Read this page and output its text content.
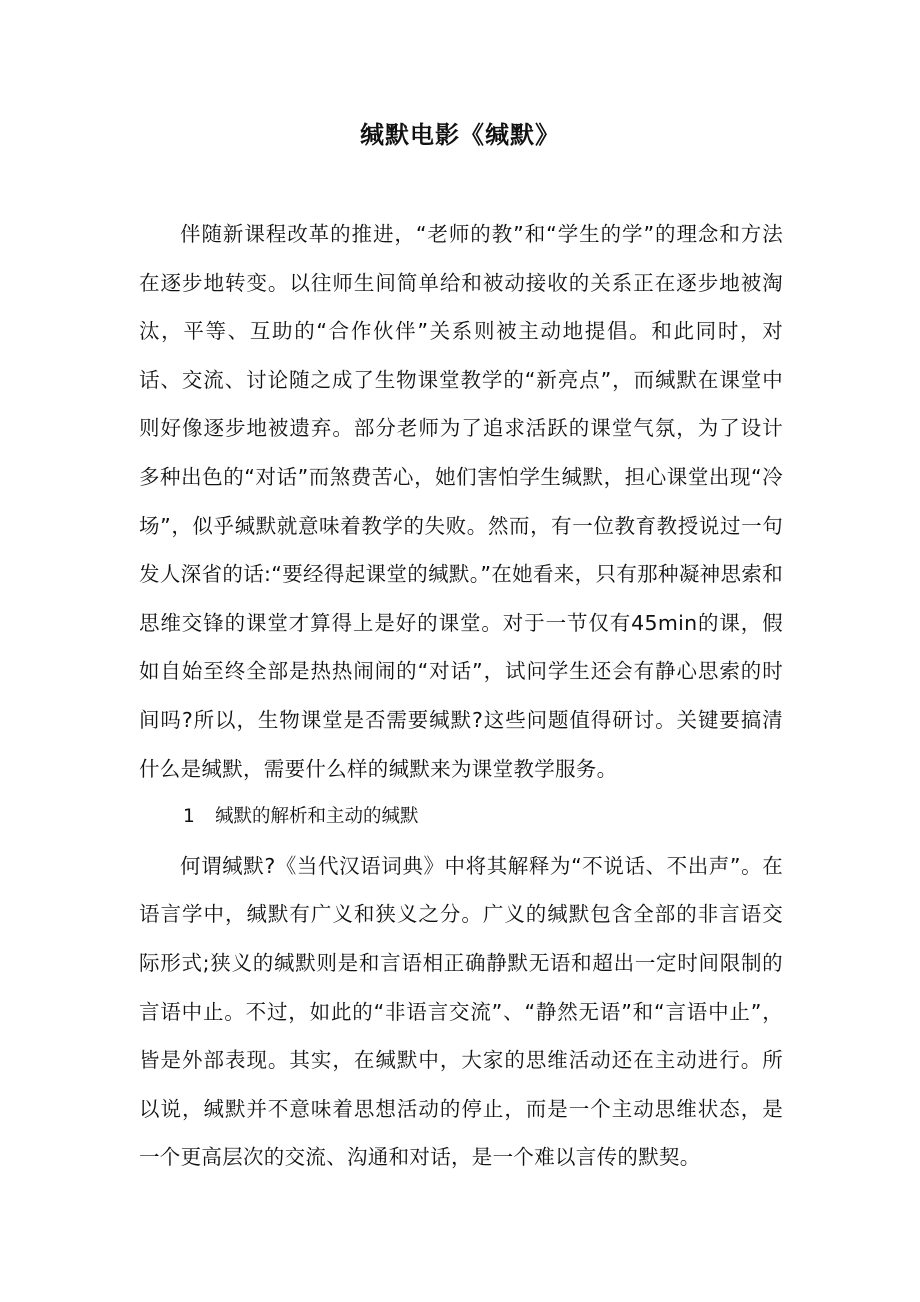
缄默电影《缄默》

伴随新课程改革的推进，“老师的教”和“学生的学”的理念和方法在逐步地转变。以往师生间简单给和被动接收的关系正在逐步地被淘汰，平等、互助的“合作伙伴”关系则被主动地提倡。和此同时，对话、交流、讨论随之成了生物课堂教学的“新亮点”，而缄默在课堂中则好像逐步地被遗弃。部分老师为了追求活跃的课堂气氛，为了设计多种出色的“对话”而煞费苦心，她们害怕学生缄默，担心课堂出现“冷场”，似乎缄默就意味着教学的失败。然而，有一位教育教授说过一句发人深省的话:“要经得起课堂的缄默。”在她看来，只有那种凝神思索和思维交锋的课堂才算得上是好的课堂。对于一节仅有45min的课，假如自始至终全部是热热闹闹的“对话”，试问学生还会有静心思索的时间吗?所以，生物课堂是否需要缄默?这些问题值得研讨。关键要搞清什么是缄默，需要什么样的缄默来为课堂教学服务。

1 缄默的解析和主动的缄默

何谓缄默?《当代汉语词典》中将其解释为“不说话、不出声”。在语言学中，缄默有广义和狭义之分。广义的缄默包含全部的非言语交际形式;狭义的缄默则是和言语相正确静默无语和超出一定时间限制的言语中止。不过，如此的“非语言交流”、“静然无语”和“言语中止”，皆是外部表现。其实，在缄默中，大家的思维活动还在主动进行。所以说，缄默并不意味着思想活动的停止，而是一个主动思维状态，是一个更高层次的交流、沟通和对话，是一个难以言传的默契。
